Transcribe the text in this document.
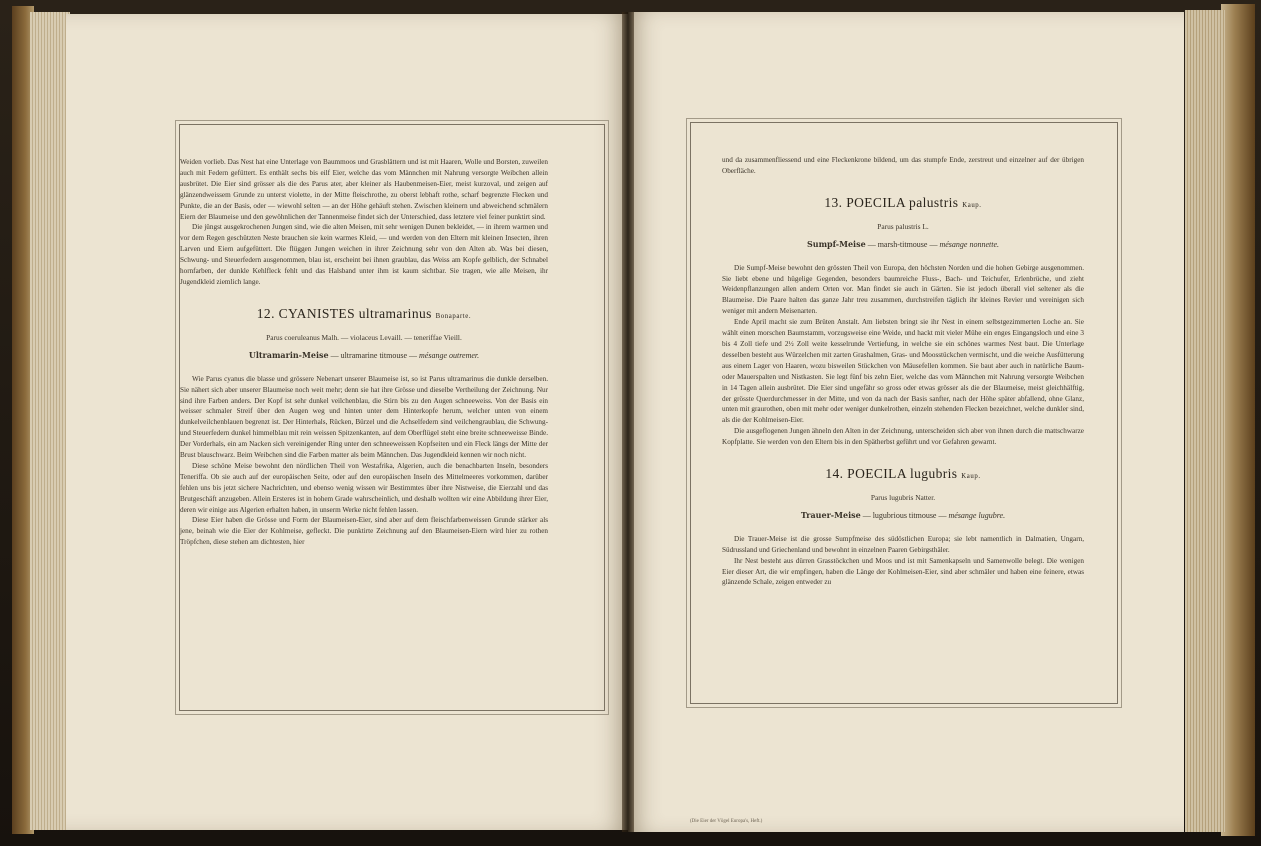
Weiden vorlieb. Das Nest hat eine Unterlage von Baummoos und Grasblättern und ist mit Haaren, Wolle und Borsten, zuweilen auch mit Federn gefüttert. Es enthält sechs bis eilf Eier, welche das vom Männchen mit Nahrung versorgte Weibchen allein ausbrütet. Die Eier sind grösser als die des Parus ater, aber kleiner als Haubenmeisen-Eier, meist kurzoval, und zeigen auf glänzendweissem Grunde zu unterst violette, in der Mitte fleischrothe, zu oberst lebhaft rothe, scharf begrenzte Flecken und Punkte, die an der Basis, oder — wiewohl selten — an der Höhe gehäuft stehen. Zwischen kleinern und abweichend schmälern Eiern der Blaumeise und den gewöhnlichen der Tannenmeise findet sich der Unterschied, dass letztere viel feiner punktirt sind.

Die jüngst ausgekrochenen Jungen sind, wie die alten Meisen, mit sehr wenigen Dunen bekleidet, — in ihrem warmen und vor dem Regen geschützten Neste brauchen sie kein warmes Kleid, — und werden von den Eltern mit kleinen Insecten, ihren Larven und Eiern aufgefüttert. Die flüggen Jungen weichen in ihrer Zeichnung sehr von den Alten ab. Was bei diesen, Schwung- und Steuerfedern ausgenommen, blau ist, erscheint bei ihnen graublau, das Weiss am Kopfe gelblich, der Schnabel hornfarben, der dunkle Kehlfleck fehlt und das Halsband unter ihm ist kaum sichtbar. Sie tragen, wie alle Meisen, ihr Jugendkleid ziemlich lange.

12. CYANISTES ultramarinus Bonaparte.
Parus coeruleanus Malh. — violaceus Levaill. — teneriffae Vieill.
Ultramarin-Meise — ultramarine titmouse — mésange outremer.

Wie Parus cyanus die blasse und grössere Nebenart unserer Blaumeise ist, so ist Parus ultramarinus die dunkle derselben. Sie nähert sich aber unserer Blaumeise noch weit mehr; denn sie hat ihre Grösse und dieselbe Vertheilung der Zeichnung. Nur sind ihre Farben anders. Der Kopf ist sehr dunkel veilchenblau, die Stirn bis zu den Augen schneeweiss. Von der Basis ein weisser schmaler Streif über den Augen weg und hinten unter dem Hinterkopfe herum, welcher unten von einem dunkelveilchenblauen begrenzt ist. Der Hinterhals, Rücken, Bürzel und die Achselfedern sind veilchengraublau, die Schwung- und Steuerfedern dunkel himmelblau mit rein weissen Spitzenkanten, auf dem Oberflügel steht eine breite schneeweisse Binde. Der Vorderhals, ein am Nacken sich vereinigender Ring unter den schneeweissen Kopfseiten und ein Fleck längs der Mitte der Brust blauschwarz. Beim Weibchen sind die Farben matter als beim Männchen. Das Jugendkleid kennen wir noch nicht.

Diese schöne Meise bewohnt den nördlichen Theil von Westafrika, Algerien, auch die benachbarten Inseln, besonders Teneriffa. Ob sie auch auf der europäischen Seite, oder auf den europäischen Inseln des Mittelmeeres vorkommen, darüber fehlen uns bis jetzt sichere Nachrichten, und ebenso wenig wissen wir Bestimmtes über ihre Nistweise, die Eierzahl und das Brutgeschäft anzugeben. Allein Ersteres ist in hohem Grade wahrscheinlich, und deshalb wollten wir eine Abbildung ihrer Eier, deren wir einige aus Algerien erhalten haben, in unserm Werke nicht fehlen lassen.

Diese Eier haben die Grösse und Form der Blaumeisen-Eier, sind aber auf dem fleischfarbenweissen Grunde stärker als jene, beinah wie die Eier der Kohlmeise, gefleckt. Die punktirte Zeichnung auf den Blaumeisen-Eiern wird hier zu rothen Tröpfchen, diese stehen am dichtesten, hier

(Die Eier der Vögel Europa's, Heft.)

und da zusammenfliessend und eine Fleckenkrone bildend, um das stumpfe Ende, zerstreut und einzelner auf der übrigen Oberfläche.

13. POECILA palustris Kaup.
Parus palustris L.
Sumpf-Meise — marsh-titmouse — mésange nonnette.

Die Sumpf-Meise bewohnt den grössten Theil von Europa, den höchsten Norden und die hohen Gebirge ausgenommen. Sie liebt ebene und hügelige Gegenden, besonders baumreiche Fluss-, Bach- und Teichufer, Erlenbrüche, und zieht Weidenpflanzungen allen andern Orten vor. Man findet sie auch in Gärten. Sie ist jedoch überall viel seltener als die Blaumeise. Die Paare halten das ganze Jahr treu zusammen, durchstreifen täglich ihr kleines Revier und vereinigen sich weniger mit andern Meisenarten.

Ende April macht sie zum Brüten Anstalt. Am liebsten bringt sie ihr Nest in einem selbstgezimmerten Loche an. Sie wählt einen morschen Baumstamm, vorzugsweise eine Weide, und hackt mit vieler Mühe ein enges Eingangsloch und eine 3 bis 4 Zoll tiefe und 2½ Zoll weite kesselrunde Vertiefung, in welche sie ein schönes warmes Nest baut. Die Unterlage desselben besteht aus Würzelchen mit zarten Grashalmen, Gras- und Moosstückchen vermischt, und die weiche Ausfütterung aus einem Lager von Haaren, wozu bisweilen Stückchen von Mäusefellen kommen. Sie baut aber auch in natürliche Baum- oder Mauerspalten und Nistkasten. Sie legt fünf bis zehn Eier, welche das vom Männchen mit Nahrung versorgte Weibchen in 14 Tagen allein ausbrütet. Die Eier sind ungefähr so gross oder etwas grösser als die der Blaumeise, meist gleichhälftig, der grösste Querdurchmesser in der Mitte, und von da nach der Basis sanfter, nach der Höhe später abfallend, ohne Glanz, unten mit graurothen, oben mit mehr oder weniger dunkelrothen, einzeln stehenden Flecken bezeichnet, welche dunkler sind, als die der Kohlmeisen-Eier.

Die ausgeflogenen Jungen ähneln den Alten in der Zeichnung, unterscheiden sich aber von ihnen durch die mattschwarze Kopfplatte. Sie werden von den Eltern bis in den Spätherbst geführt und vor Gefahren gewarnt.

14. POECILA lugubris Kaup.
Parus lugubris Natter.
Trauer-Meise — lugubrious titmouse — mésange lugubre.

Die Trauer-Meise ist die grosse Sumpfmeise des südöstlichen Europa; sie lebt namentlich in Dalmatien, Ungarn, Südrussland und Griechenland und bewohnt in einzelnen Paaren Gebirgsthäler.

Ihr Nest besteht aus dürren Grasstöckchen und Moos und ist mit Samenkapseln und Samenwolle belegt. Die wenigen Eier dieser Art, die wir empfingen, haben die Länge der Kohlmeisen-Eier, sind aber schmäler und haben eine feinere, etwas glänzende Schale, zeigen entweder zu
